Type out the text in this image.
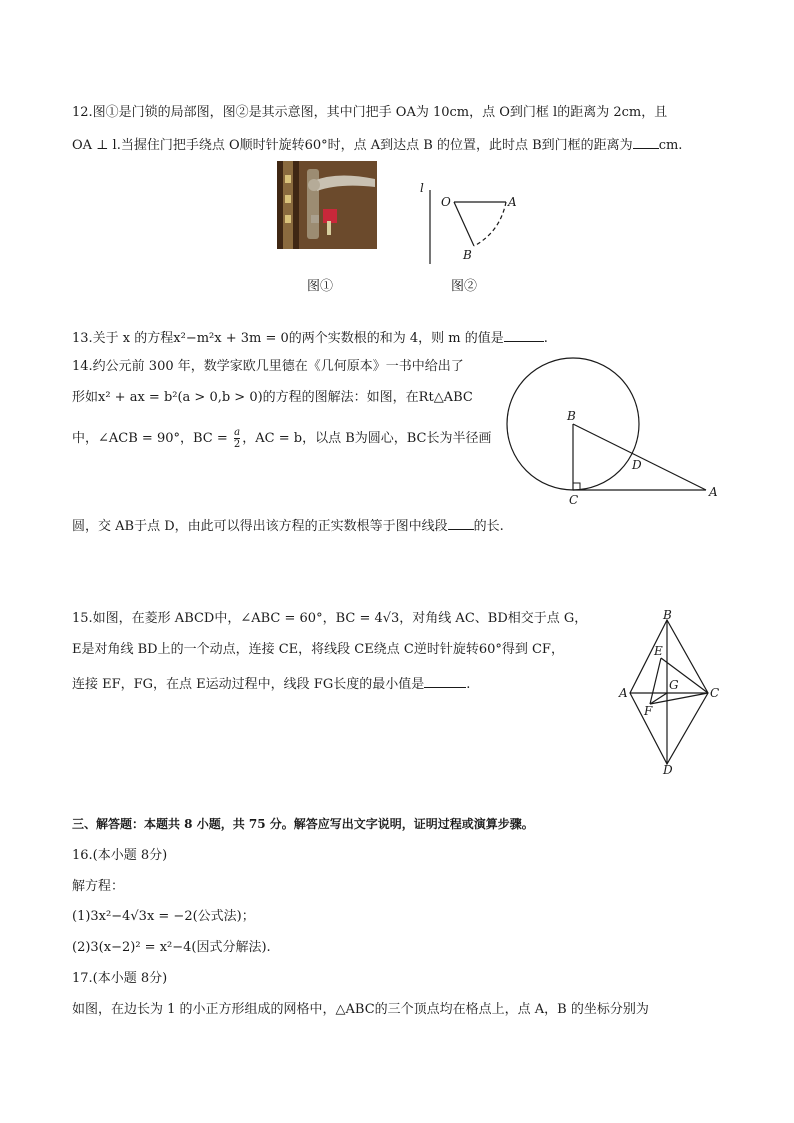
12.图①是门锁的局部图，图②是其示意图，其中门把手 OA为 10cm，点 O到门框 l的距离为 2cm，且
OA ⊥ l.当握住门把手绕点 O顺时针旋转60°时，点 A到达点 B 的位置，此时点 B到门框的距离为 cm.
图①
l
O	A
B
图②
13.关于 x 的方程x²−m²x + 3m = 0的两个实数根的和为 4，则 m 的值是	.
14.约公元前 300 年，数学家欧几里德在《几何原本》一书中给出了
形如x² + ax = b²(a > 0,b > 0)的方程的图解法：如图，在Rt△ABC
中，∠ACB = 90°，BC = $\frac{a}{2}$ ，AC = b，以点 B为圆心，BC长为半径画
圆，交 AB于点 D，由此可以得出该方程的正实数根等于图中线段 的长.
B
C
D
A
15.如图，在菱形 ABCD中，∠ABC = 60°，BC = 4√3，对角线 AC、BD相交于点 G，
E是对角线 BD上的一个动点，连接 CE，将线段 CE绕点 C逆时针旋转60°得到 CF，
连接 EF，FG，在点 E运动过程中，线段 FG长度的最小值是	.
B
E
G
A	C
F
D
三、解答题：本题共 8 小题，共 75 分。解答应写出文字说明，证明过程或演算步骤。
16.(本小题 8分)
解方程：
(1)3x²−4√3x = −2(公式法)；
(2)3(x−2)² = x²−4(因式分解法).
17.(本小题 8分)
如图，在边长为 1 的小正方形组成的网格中，△ABC的三个顶点均在格点上，点 A，B 的坐标分别为
